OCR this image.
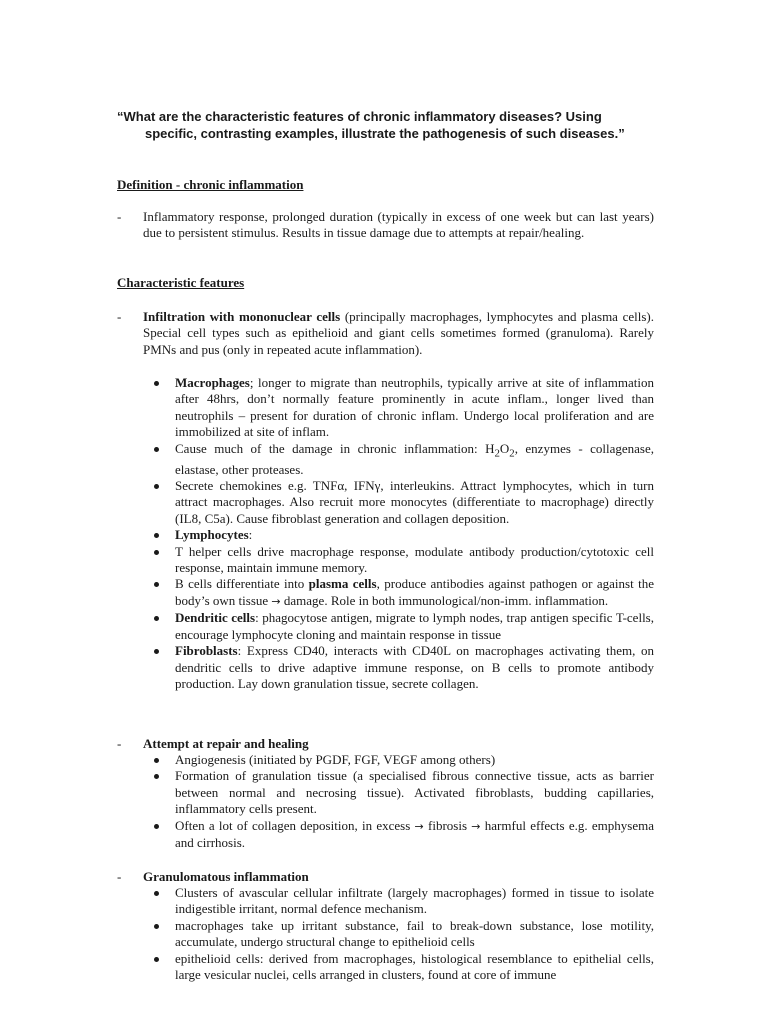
“What are the characteristic features of chronic inflammatory diseases? Using
specific, contrasting examples, illustrate the pathogenesis of such diseases.”
Definition - chronic inflammation
-	Inflammatory response, prolonged duration (typically in excess of one week but can last years) due to persistent stimulus. Results in tissue damage due to attempts at repair/healing.
Characteristic features
-	Infiltration with mononuclear cells (principally macrophages, lymphocytes and plasma cells). Special cell types such as epithelioid and giant cells sometimes formed (granuloma). Rarely PMNs and pus (only in repeated acute inflammation).
Macrophages; longer to migrate than neutrophils, typically arrive at site of inflammation after 48hrs, don’t normally feature prominently in acute inflam., longer lived than neutrophils – present for duration of chronic inflam. Undergo local proliferation and are immobilized at site of inflam.
Cause much of the damage in chronic inflammation: $H_2O_2$, enzymes - collagenase, elastase, other proteases.
Secrete chemokines e.g. TNFα, IFNγ, interleukins. Attract lymphocytes, which in turn attract macrophages. Also recruit more monocytes (differentiate to macrophage) directly (IL8, C5a). Cause fibroblast generation and collagen deposition.
Lymphocytes:
T helper cells drive macrophage response, modulate antibody production/cytotoxic cell response, maintain immune memory.
B cells differentiate into plasma cells, produce antibodies against pathogen or against the body’s own tissue → damage. Role in both immunological/non-imm. inflammation.
Dendritic cells: phagocytose antigen, migrate to lymph nodes, trap antigen specific T-cells, encourage lymphocyte cloning and maintain response in tissue
Fibroblasts: Express CD40, interacts with CD40L on macrophages activating them, on dendritic cells to drive adaptive immune response, on B cells to promote antibody production. Lay down granulation tissue, secrete collagen.
-	Attempt at repair and healing
Angiogenesis (initiated by PGDF, FGF, VEGF among others)
Formation of granulation tissue (a specialised fibrous connective tissue, acts as barrier between normal and necrosing tissue). Activated fibroblasts, budding capillaries, inflammatory cells present.
Often a lot of collagen deposition, in excess → fibrosis → harmful effects e.g. emphysema and cirrhosis.
-	Granulomatous inflammation
Clusters of avascular cellular infiltrate (largely macrophages) formed in tissue to isolate indigestible irritant, normal defence mechanism.
macrophages take up irritant substance, fail to break-down substance, lose motility, accumulate, undergo structural change to epithelioid cells
epithelioid cells: derived from macrophages, histological resemblance to epithelial cells, large vesicular nuclei, cells arranged in clusters, found at core of immune
